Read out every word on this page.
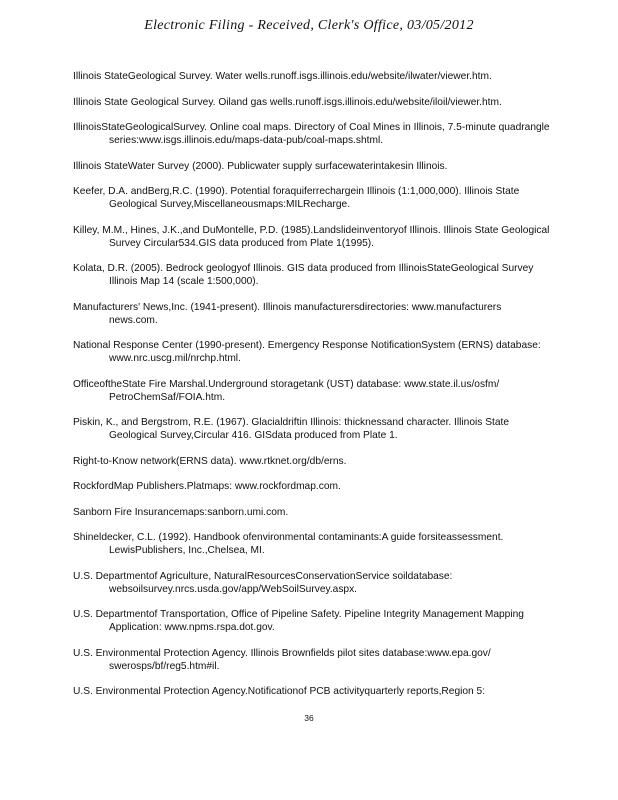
Electronic Filing - Received, Clerk's Office, 03/05/2012

Illinois StateGeological Survey. Water wells.runoff.isgs.illinois.edu/website/ilwater/viewer.htm.

Illinois State Geological Survey. Oiland gas wells.runoff.isgs.illinois.edu/website/iloil/viewer.htm.

IllinoisStateGeologicalSurvey. Online coal maps. Directory of Coal Mines in Illinois, 7.5-minute quadrangle series:www.isgs.illinois.edu/maps-data-pub/coal-maps.shtml.

Illinois StateWater Survey (2000). Publicwater supply surfacewaterintakesin Illinois.

Keefer, D.A. andBerg,R.C. (1990). Potential foraquiferrechargein Illinois (1:1,000,000). Illinois State Geological Survey,Miscellaneousmaps:MILRecharge.

Killey, M.M., Hines, J.K.,and DuMontelle, P.D. (1985).Landslideinventoryof Illinois. Illinois State Geological Survey Circular534.GIS data produced from Plate 1(1995).

Kolata, D.R. (2005). Bedrock geologyof Illinois. GIS data produced from IllinoisStateGeological Survey Illinois Map 14 (scale 1:500,000).

Manufacturers' News,Inc. (1941-present). Illinois manufacturersdirectories: www.manufacturers news.com.

National Response Center (1990-present). Emergency Response NotificationSystem (ERNS) database: www.nrc.uscg.mil/nrchp.html.

OfficeoftheState Fire Marshal.Underground storagetank (UST) database: www.state.il.us/osfm/ PetroChemSaf/FOIA.htm.

Piskin, K., and Bergstrom, R.E. (1967). Glacialdriftin Illinois: thicknessand character. Illinois State Geological Survey,Circular 416. GISdata produced from Plate 1.

Right-to-Know network(ERNS data). www.rtknet.org/db/erns.

RockfordMap Publishers.Platmaps: www.rockfordmap.com.

Sanborn Fire Insurancemaps:sanborn.umi.com.

Shineldecker, C.L. (1992). Handbook ofenvironmental contaminants:A guide forsiteassessment. LewisPublishers, Inc.,Chelsea, MI.

U.S. Departmentof Agriculture, NaturalResourcesConservationService soildatabase: websoilsurvey.nrcs.usda.gov/app/WebSoilSurvey.aspx.

U.S. Departmentof Transportation, Office of Pipeline Safety. Pipeline Integrity Management Mapping Application: www.npms.rspa.dot.gov.

U.S. Environmental Protection Agency. Illinois Brownfields pilot sites database:www.epa.gov/ swerosps/bf/reg5.htm#il.

U.S. Environmental Protection Agency.Notificationof PCB activityquarterly reports,Region 5:

36
